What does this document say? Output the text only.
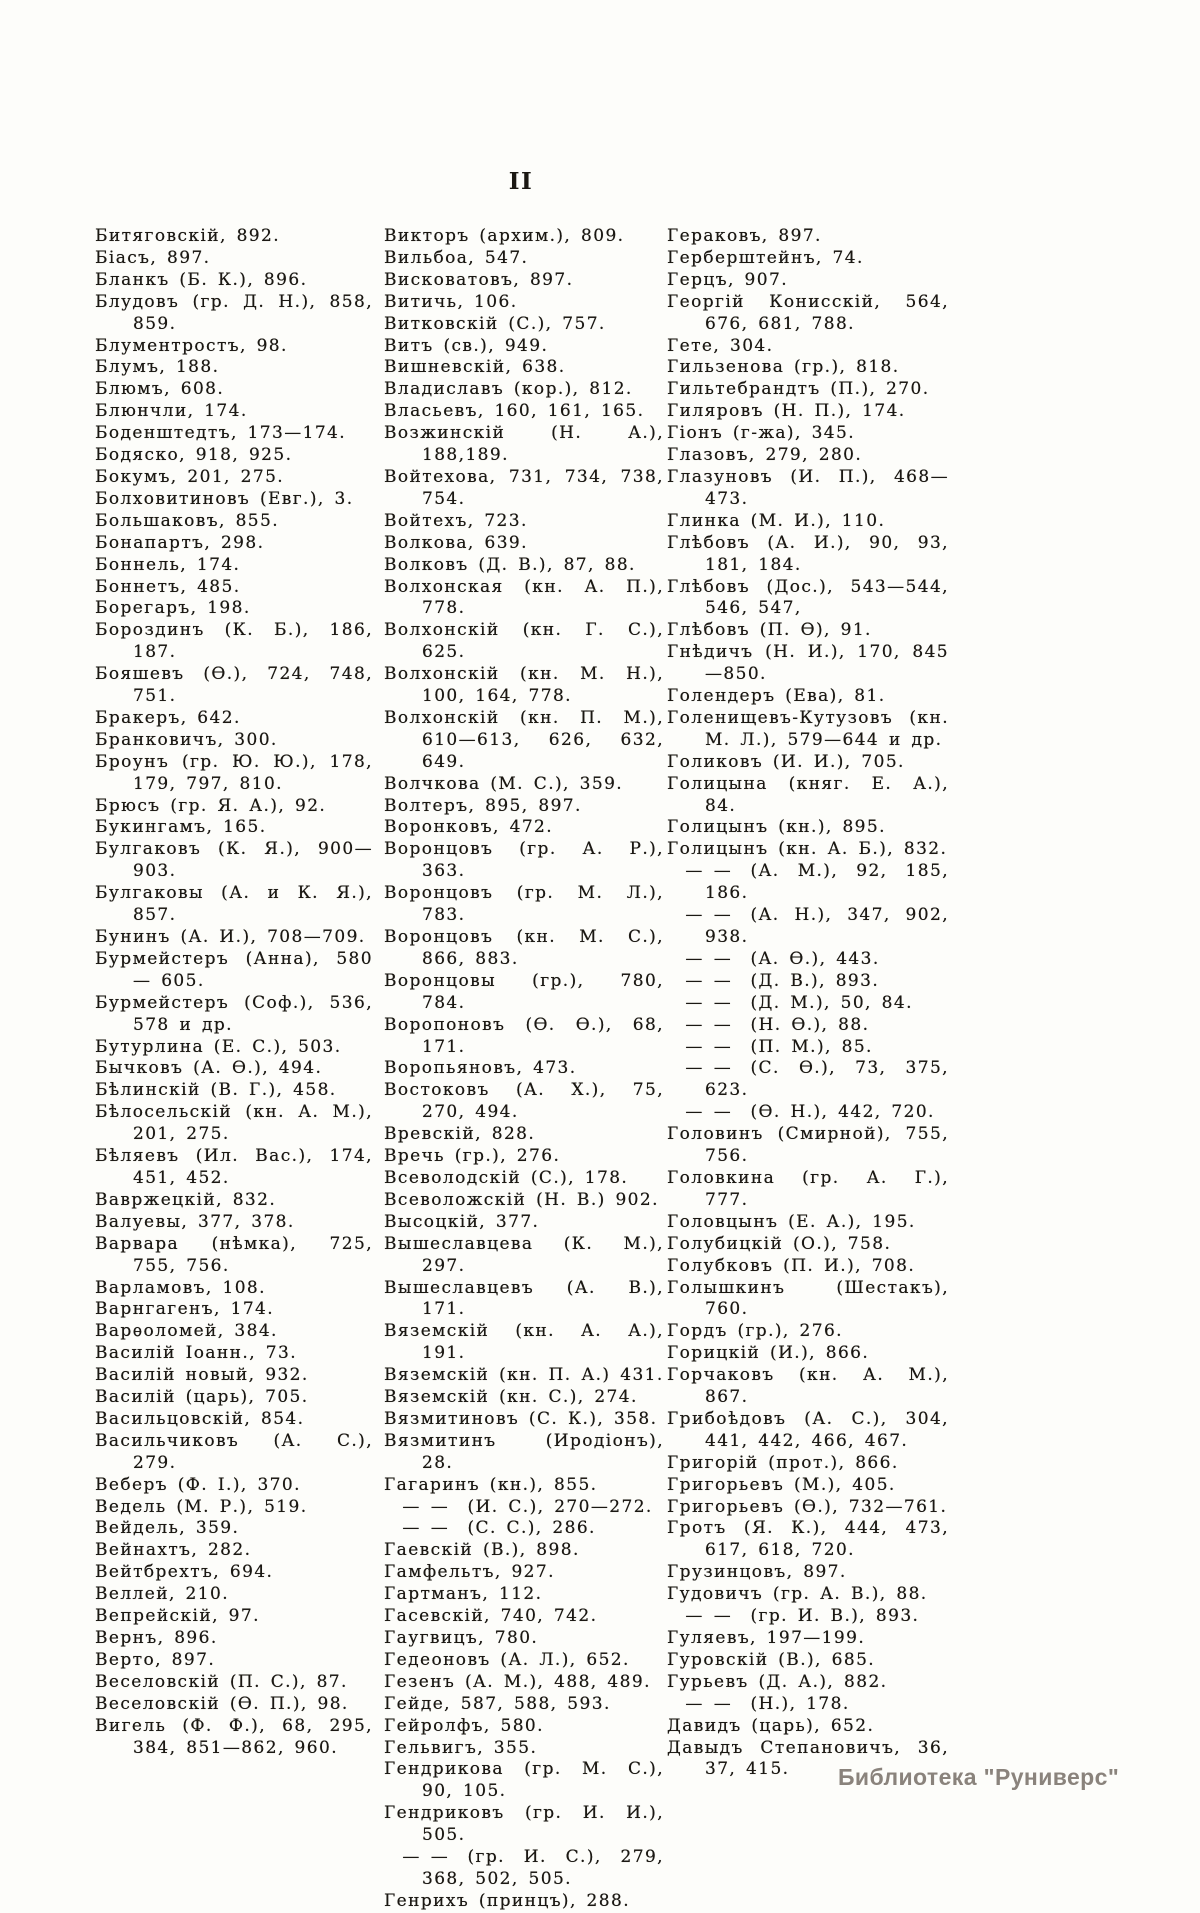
II
Битяговскій, 892.
Біасъ, 897.
Бланкъ (Б. К.), 896.
Блудовъ (гр. Д. Н.), 858, 859.
Блументростъ, 98.
Блумъ, 188.
Блюмъ, 608.
Блюнчли, 174.
Боденштедтъ, 173—174.
Бодяско, 918, 925.
Бокумъ, 201, 275.
Болховитиновъ (Евг.), 3.
Большаковъ, 855.
Бонапартъ, 298.
Боннель, 174.
Боннетъ, 485.
Борегаръ, 198.
Бороздинъ (К. Б.), 186, 187.
Бояшевъ (Ѳ.), 724, 748, 751.
Бракеръ, 642.
Бранковичъ, 300.
Броунъ (гр. Ю. Ю.), 178, 179, 797, 810.
Брюсъ (гр. Я. А.), 92.
Букингамъ, 165.
Булгаковъ (К. Я.), 900—903.
Булгаковы (А. и К. Я.), 857.
Бунинъ (А. И.), 708—709.
Бурмейстеръ (Анна), 580 — 605.
Бурмейстеръ (Соф.), 536, 578 и др.
Бутурлина (Е. С.), 503.
Бычковъ (А. Ѳ.), 494.
Бѣлинскій (В. Г.), 458.
Бѣлосельскій (кн. А. М.), 201, 275.
Бѣляевъ (Ил. Вас.), 174, 451, 452.
Вавржецкій, 832.
Валуевы, 377, 378.
Варвара (нѣмка), 725, 755, 756.
Варламовъ, 108.
Варнгагенъ, 174.
Варѳоломей, 384.
Василій Іоанн., 73.
Василій новый, 932.
Василій (царь), 705.
Васильцовскій, 854.
Васильчиковъ (А. С.), 279.
Веберъ (Ф. І.), 370.
Ведель (М. Р.), 519.
Вейдель, 359.
Вейнахтъ, 282.
Вейтбрехтъ, 694.
Веллей, 210.
Вепрейскій, 97.
Вернъ, 896.
Верто, 897.
Веселовскій (П. С.), 87.
Веселовскій (Ѳ. П.), 98.
Вигель (Ф. Ф.), 68, 295, 384, 851—862, 960.
Викторъ (архим.), 809.
Вильбоа, 547.
Висковатовъ, 897.
Витичь, 106.
Витковскій (С.), 757.
Витъ (св.), 949.
Вишневскій, 638.
Владиславъ (кор.), 812.
Власьевъ, 160, 161, 165.
Возжинскій (Н. А.), 188,189.
Войтехова, 731, 734, 738, 754.
Войтехъ, 723.
Волкова, 639.
Волковъ (Д. В.), 87, 88.
Волхонская (кн. А. П.), 778.
Волхонскій (кн. Г. С.), 625.
Волхонскій (кн. М. Н.), 100, 164, 778.
Волхонскій (кн. П. М.), 610—613, 626, 632, 649.
Волчкова (М. С.), 359.
Волтеръ, 895, 897.
Воронковъ, 472.
Воронцовъ (гр. А. Р.), 363.
Воронцовъ (гр. М. Л.), 783.
Воронцовъ (кн. М. С.), 866, 883.
Воронцовы (гр.), 780, 784.
Воропоновъ (Ѳ. Ѳ.), 68, 171.
Воропьяновъ, 473.
Востоковъ (А. Х.), 75, 270, 494.
Вревскій, 828.
Вречь (гр.), 276.
Всеволодскій (С.), 178.
Всеволожскій (Н. В.) 902.
Высоцкій, 377.
Вышеславцева (К. М.), 297.
Вышеславцевъ (А. В.), 171.
Вяземскій (кн. А. А.), 191.
Вяземскій (кн. П. А.) 431.
Вяземскій (кн. С.), 274.
Вязмитиновъ (С. К.), 358.
Вязмитинъ (Иродіонъ), 28.
Гагаринъ (кн.), 855.
 — — (И. С.), 270—272.
 — — (С. С.), 286.
Гаевскій (В.), 898.
Гамфельтъ, 927.
Гартманъ, 112.
Гасевскій, 740, 742.
Гаугвицъ, 780.
Гедеоновъ (А. Л.), 652.
Гезенъ (А. М.), 488, 489.
Гейде, 587, 588, 593.
Гейролфъ, 580.
Гельвигъ, 355.
Гендрикова (гр. М. С.), 90, 105.
Гендриковъ (гр. И. И.), 505.
 — — (гр. И. С.), 279, 368, 502, 505.
Генрихъ (принцъ), 288.
Гераковъ, 897.
Герберштейнъ, 74.
Герцъ, 907.
Георгій Конисскій, 564, 676, 681, 788.
Гете, 304.
Гильзенова (гр.), 818.
Гильтебрандтъ (П.), 270.
Гиляровъ (Н. П.), 174.
Гіонъ (г-жа), 345.
Глазовъ, 279, 280.
Глазуновъ (И. П.), 468—473.
Глинка (М. И.), 110.
Глѣбовъ (А. И.), 90, 93, 181, 184.
Глѣбовъ (Дос.), 543—544, 546, 547,
Глѣбовъ (П. Ѳ), 91.
Гнѣдичъ (Н. И.), 170, 845—850.
Голендеръ (Ева), 81.
Голенищевъ-Кутузовъ (кн. М. Л.), 579—644 и др.
Голиковъ (И. И.), 705.
Голицына (княг. Е. А.), 84.
Голицынъ (кн.), 895.
Голицынъ (кн. А. Б.), 832.
 — — (А. М.), 92, 185, 186.
 — — (А. Н.), 347, 902, 938.
 — — (А. Ѳ.), 443.
 — — (Д. В.), 893.
 — — (Д. М.), 50, 84.
 — — (Н. Ѳ.), 88.
 — — (П. М.), 85.
 — — (С. Ѳ.), 73, 375, 623.
 — — (Ѳ. Н.), 442, 720.
Головинъ (Смирной), 755, 756.
Головкина (гр. А. Г.), 777.
Головцынъ (Е. А.), 195.
Голубицкій (О.), 758.
Голубковъ (П. И.), 708.
Голышкинъ (Шестакъ), 760.
Гордъ (гр.), 276.
Горицкій (И.), 866.
Горчаковъ (кн. А. М.), 867.
Грибоѣдовъ (А. С.), 304, 441, 442, 466, 467.
Григорій (прот.), 866.
Григорьевъ (М.), 405.
Григорьевъ (Ѳ.), 732—761.
Гротъ (Я. К.), 444, 473, 617, 618, 720.
Грузинцовъ, 897.
Гудовичъ (гр. А. В.), 88.
 — — (гр. И. В.), 893.
Гуляевъ, 197—199.
Гуровскій (В.), 685.
Гурьевъ (Д. А.), 882.
 — — (Н.), 178.
Давидъ (царь), 652.
Давыдъ Степановичъ, 36, 37, 415.	Библиотека "Руниверс"
